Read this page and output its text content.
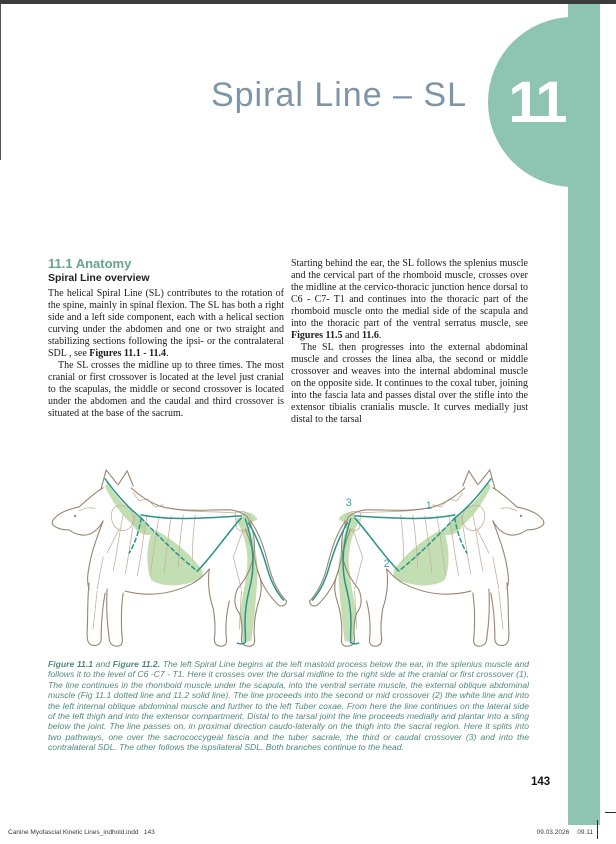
11
Spiral Line – SL
11.1 Anatomy
Spiral Line overview

The helical Spiral Line (SL) contributes to the rotation of the spine, mainly in spinal flexion. The SL has both a right side and a left side component, each with a helical section curving under the abdomen and one or two straight and stabilizing sections following the ipsi- or the contralateral SDL , see Figures 11.1 - 11.4.

The SL crosses the midline up to three times. The most cranial or first crossover is located at the level just cranial to the scapulas, the middle or second crossover is located under the abdomen and the caudal and third crossover is situated at the base of the sacrum.

Starting behind the ear, the SL follows the splenius muscle and the cervical part of the rhomboid muscle, crosses over the midline at the cervico-thoracic junction hence dorsal to C6 - C7- T1 and continues into the thoracic part of the rhomboid muscle onto the medial side of the scapula and into the thoracic part of the ventral serratus muscle, see Figures 11.5 and 11.6.

The SL then progresses into the external abdominal muscle and crosses the linea alba, the second or middle crossover and weaves into the internal abdominal muscle on the opposite side. It continues to the coxal tuber, joining into the fascia lata and passes distal over the stifle into the extensor tibialis cranialis muscle. It curves medially just distal to the tarsal

1
2
3
Figure 11.1 and Figure 11.2. The left Spiral Line begins at the left mastoid process below the ear, in the splenius muscle and follows it to the level of C6 -C7 - T1. Here it crosses over the dorsal midline to the right side at the cranial or first crossover (1), The line continues in the rhomboid muscle under the scapula, into the ventral serrate muscle, the external oblique abdominal muscle (Fig 11.1 dotted line and 11.2 solid line). The line proceeds into the second or mid crossover (2) the white line and into the left internal oblique abdominal muscle and further to the left Tuber coxae. From here the line continues on the lateral side of the left thigh and into the extensor compartment. Distal to the tarsal joint the line proceeds medially and plantar into a sling below the joint. The line passes on, in proximal direction caudo-laterally on the thigh into the sacral region. Here it splits into two pathways, one over the sacrococcygeal fascia and the tuber sacrale, the third or caudal crossover (3) and into the contralateral SDL. The other follows the ispsilateral SDL. Both branches continue to the head.
143
Canine Myofascial Kinetic Lines_indhold.indd   143	09.03.2026 09.11
